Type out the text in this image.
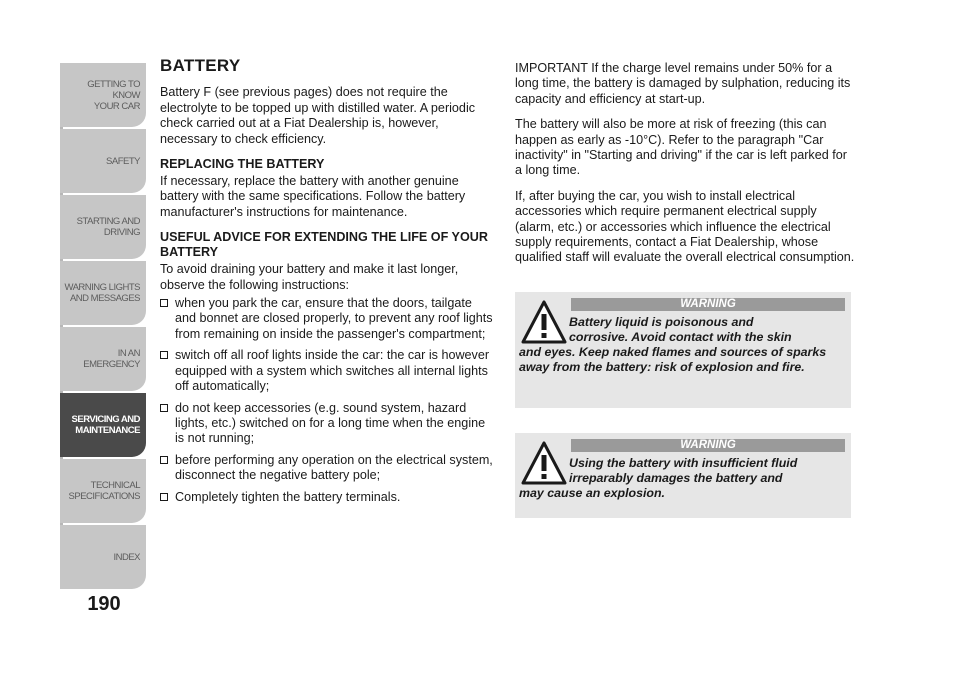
GETTING TO KNOW
YOUR CAR
SAFETY
STARTING AND
DRIVING
WARNING LIGHTS
AND MESSAGES
IN AN EMERGENCY
SERVICING AND
MAINTENANCE
TECHNICAL
SPECIFICATIONS
INDEX
190
BATTERY

Battery F (see previous pages) does not require the electrolyte to be topped up with distilled water. A periodic check carried out at a Fiat Dealership is, however, necessary to check efficiency.

REPLACING THE BATTERY

If necessary, replace the battery with another genuine battery with the same specifications. Follow the battery manufacturer's instructions for maintenance.

USEFUL ADVICE FOR EXTENDING THE LIFE OF YOUR BATTERY

To avoid draining your battery and make it last longer, observe the following instructions:

when you park the car, ensure that the doors, tailgate and bonnet are closed properly, to prevent any roof lights from remaining on inside the passenger's compartment;
switch off all roof lights inside the car: the car is however equipped with a system which switches all internal lights off automatically;
do not keep accessories (e.g. sound system, hazard lights, etc.) switched on for a long time when the engine is not running;
before performing any operation on the electrical system, disconnect the negative battery pole;
Completely tighten the battery terminals.

IMPORTANT If the charge level remains under 50% for a long time, the battery is damaged by sulphation, reducing its capacity and efficiency at start-up.

The battery will also be more at risk of freezing (this can happen as early as -10°C). Refer to the paragraph "Car inactivity" in "Starting and driving" if the car is left parked for a long time.

If, after buying the car, you wish to install electrical accessories which require permanent electrical supply (alarm, etc.) or accessories which influence the electrical supply requirements, contact a Fiat Dealership, whose qualified staff will evaluate the overall electrical consumption.

WARNING
Battery liquid is poisonous and
corrosive. Avoid contact with the skin
and eyes. Keep naked flames and sources of sparks away from the battery: risk of explosion and fire.
WARNING
Using the battery with insufficient fluid
irreparably damages the battery and
may cause an explosion.
